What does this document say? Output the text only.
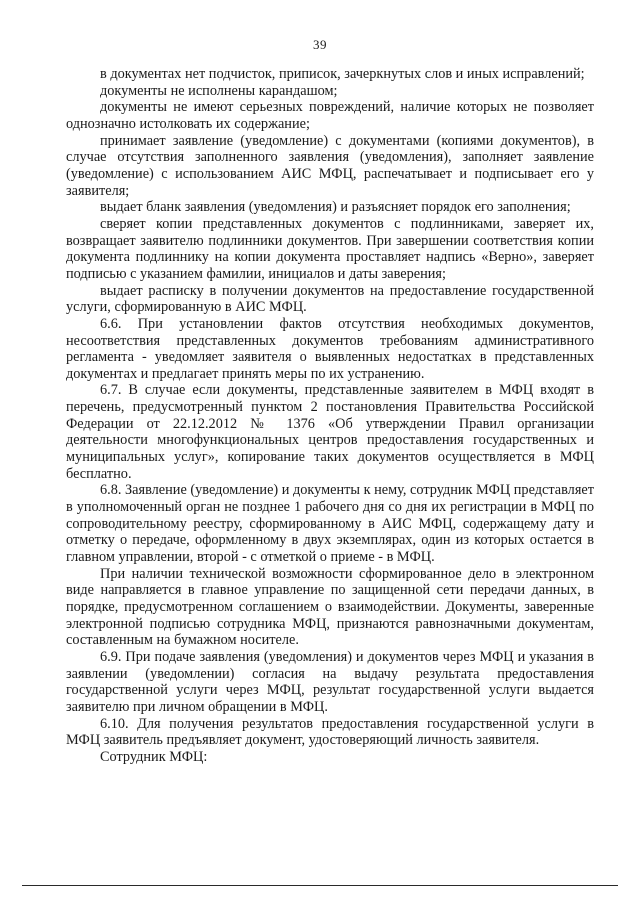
39

в документах нет подчисток, приписок, зачеркнутых слов и иных исправлений;

документы не исполнены карандашом;

документы не имеют серьезных повреждений, наличие которых не позволяет однозначно истолковать их содержание;

принимает заявление (уведомление) с документами (копиями документов), в случае отсутствия заполненного заявления (уведомления), заполняет заявление (уведомление) с использованием АИС МФЦ, распечатывает и подписывает его у заявителя;

выдает бланк заявления (уведомления) и разъясняет порядок его заполнения;

сверяет копии представленных документов с подлинниками, заверяет их, возвращает заявителю подлинники документов. При завершении соответствия копии документа подлиннику на копии документа проставляет надпись «Верно», заверяет подписью с указанием фамилии, инициалов и даты заверения;

выдает расписку в получении документов на предоставление государственной услуги, сформированную в АИС МФЦ.

6.6. При установлении фактов отсутствия необходимых документов, несоответствия представленных документов требованиям административного регламента - уведомляет заявителя о выявленных недостатках в представленных документах и предлагает принять меры по их устранению.

6.7. В случае если документы, представленные заявителем в МФЦ входят в перечень, предусмотренный пунктом 2 постановления Правительства Российской Федерации от 22.12.2012 № 1376 «Об утверждении Правил организации деятельности многофункциональных центров предоставления государственных и муниципальных услуг», копирование таких документов осуществляется в МФЦ бесплатно.

6.8. Заявление (уведомление) и документы к нему, сотрудник МФЦ представляет в уполномоченный орган не позднее 1 рабочего дня со дня их регистрации в МФЦ по сопроводительному реестру, сформированному в АИС МФЦ, содержащему дату и отметку о передаче, оформленному в двух экземплярах, один из которых остается в главном управлении, второй - с отметкой о приеме - в МФЦ.

При наличии технической возможности сформированное дело в электронном виде направляется в главное управление по защищенной сети передачи данных, в порядке, предусмотренном соглашением о взаимодействии. Документы, заверенные электронной подписью сотрудника МФЦ, признаются равнозначными документам, составленным на бумажном носителе.

6.9. При подаче заявления (уведомления) и документов через МФЦ и указания в заявлении (уведомлении) согласия на выдачу результата предоставления государственной услуги через МФЦ, результат государственной услуги выдается заявителю при личном обращении в МФЦ.

6.10. Для получения результатов предоставления государственной услуги в МФЦ заявитель предъявляет документ, удостоверяющий личность заявителя.

Сотрудник МФЦ:
